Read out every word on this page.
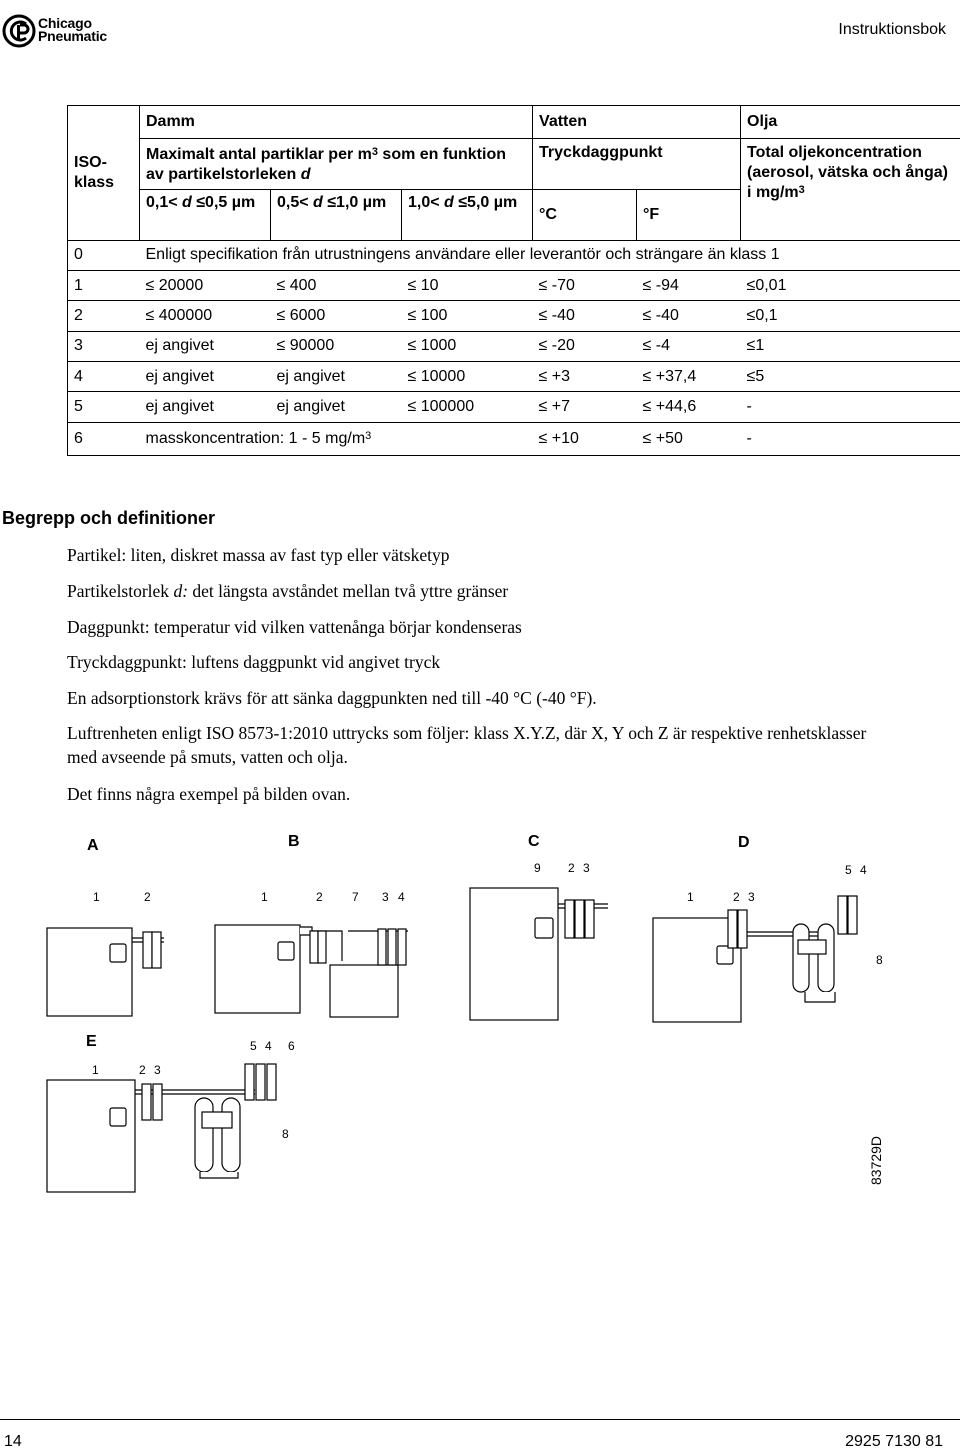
Chicago
Pneumatic	Instruktionsbok
ISO-
klass	Damm			Vatten		Olja
	Maximalt antal partiklar per $m^3$ som en funktion av partikelstorleken d			Tryckdaggpunkt		Total oljekoncentration (aerosol, vätska och ånga) i $mg/m^3$
	0,1< d ≤0,5 µm	0,5< d ≤1,0 µm	1,0< d ≤5,0 µm	°C	°F	
0	Enligt specifikation från utrustningens användare eller leverantör och strängare än klass 1					
1	≤ 20000	≤ 400	≤ 10	≤ -70	≤ -94	≤0,01
2	≤ 400000	≤ 6000	≤ 100	≤ -40	≤ -40	≤0,1
3	ej angivet	≤ 90000	≤ 1000	≤ -20	≤ -4	≤1
4	ej angivet	ej angivet	≤ 10000	≤ +3	≤ +37,4	≤5
5	ej angivet	ej angivet	≤ 100000	≤ +7	≤ +44,6	-
6	masskoncentration: 1 - 5 $mg/m^3$			≤ +10	≤ +50	-
Begrepp och definitioner
Partikel: liten, diskret massa av fast typ eller vätsketyp
Partikelstorlek d: det längsta avståndet mellan två yttre gränser
Daggpunkt: temperatur vid vilken vattenånga börjar kondenseras
Tryckdaggpunkt: luftens daggpunkt vid angivet tryck
En adsorptionstork krävs för att sänka daggpunkten ned till -40 °C (-40 °F).
Luftrenheten enligt ISO 8573-1:2010 uttrycks som följer: klass X.Y.Z, där X, Y och Z är respektive renhetsklasser med avseende på smuts, vatten och olja.
Det finns några exempel på bilden ovan.
A	B	C	D
E
1	2	1	2 7 3 4
9 2 3
1	2 3
5 4
8
1	2 3
5 4 6
8
83729D
14	2925 7130 81
